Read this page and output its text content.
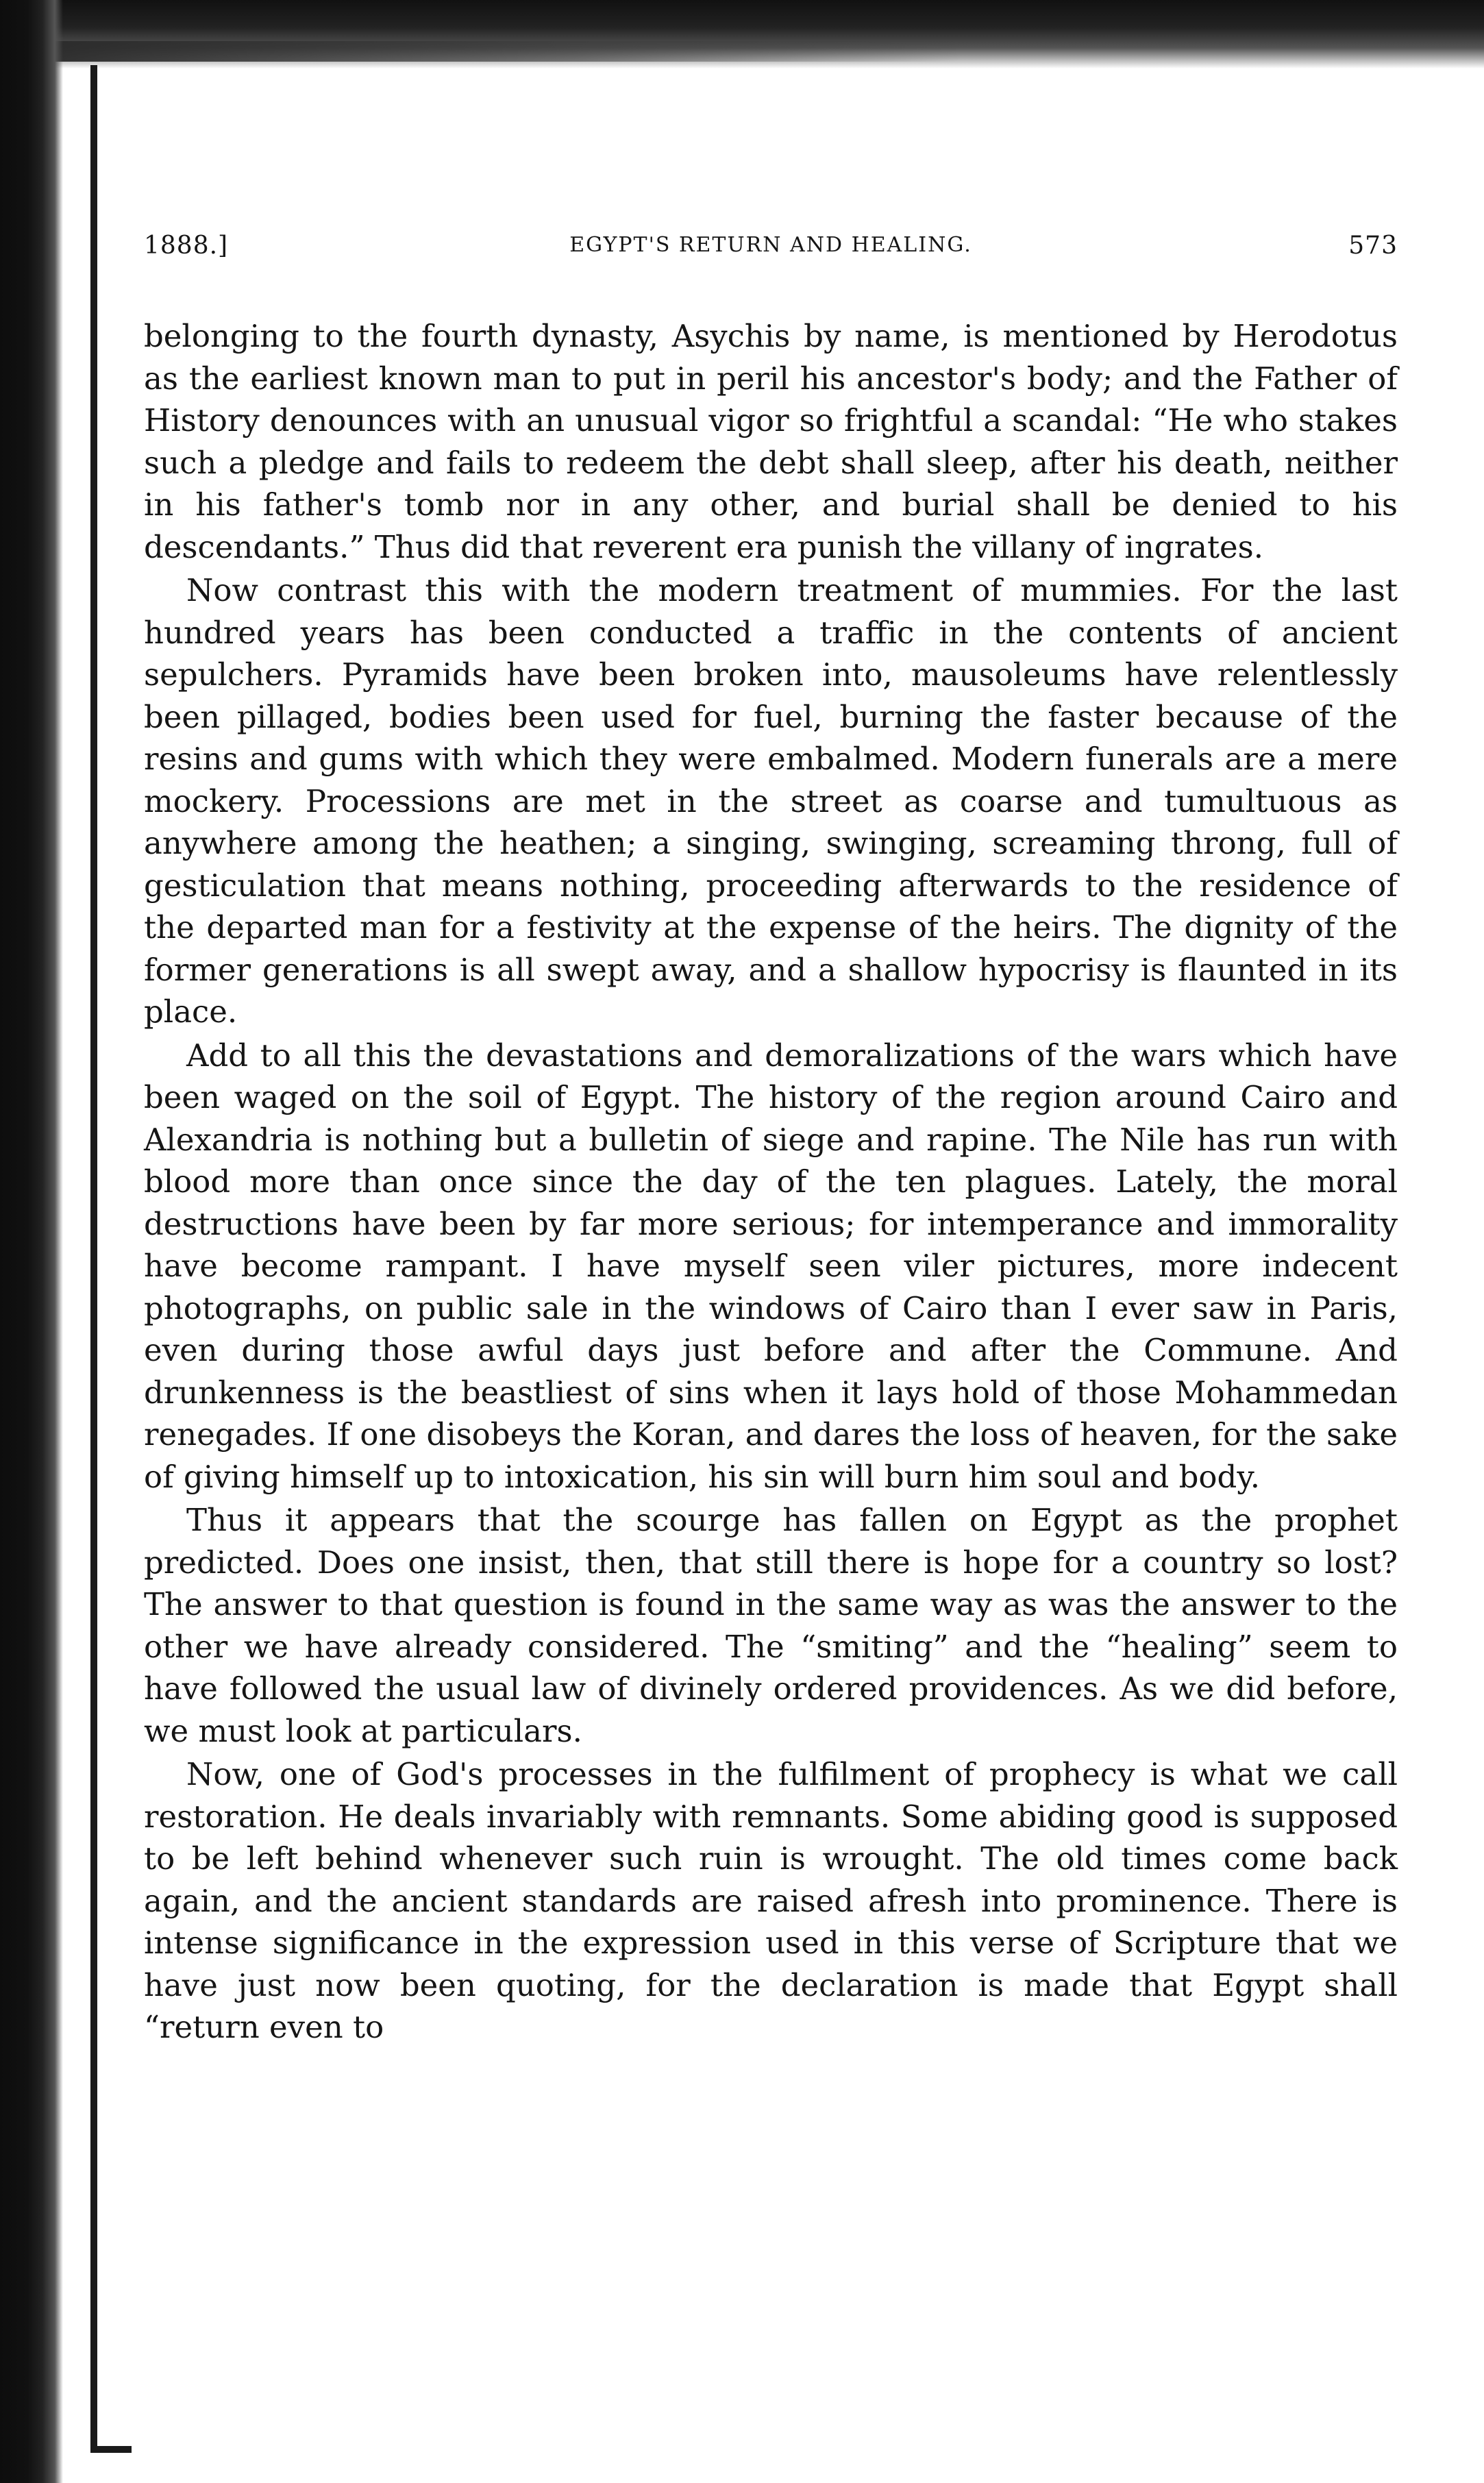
1888.]	EGYPT'S RETURN AND HEALING.	573

belonging to the fourth dynasty, Asychis by name, is mentioned by Herodotus as the earliest known man to put in peril his ancestor's body; and the Father of History denounces with an unusual vigor so frightful a scandal: “He who stakes such a pledge and fails to redeem the debt shall sleep, after his death, neither in his father's tomb nor in any other, and burial shall be denied to his descendants.” Thus did that reverent era punish the villany of ingrates.

Now contrast this with the modern treatment of mummies. For the last hundred years has been conducted a traffic in the contents of ancient sepulchers. Pyramids have been broken into, mausoleums have relentlessly been pillaged, bodies been used for fuel, burning the faster because of the resins and gums with which they were embalmed. Modern funerals are a mere mockery. Processions are met in the street as coarse and tumultuous as anywhere among the heathen; a singing, swinging, screaming throng, full of gesticulation that means nothing, proceeding afterwards to the residence of the departed man for a festivity at the expense of the heirs. The dignity of the former generations is all swept away, and a shallow hypocrisy is flaunted in its place.

Add to all this the devastations and demoralizations of the wars which have been waged on the soil of Egypt. The history of the region around Cairo and Alexandria is nothing but a bulletin of siege and rapine. The Nile has run with blood more than once since the day of the ten plagues. Lately, the moral destructions have been by far more serious; for intemperance and immorality have become rampant. I have myself seen viler pictures, more indecent photographs, on public sale in the windows of Cairo than I ever saw in Paris, even during those awful days just before and after the Commune. And drunkenness is the beastliest of sins when it lays hold of those Mohammedan renegades. If one disobeys the Koran, and dares the loss of heaven, for the sake of giving himself up to intoxication, his sin will burn him soul and body.

Thus it appears that the scourge has fallen on Egypt as the prophet predicted. Does one insist, then, that still there is hope for a country so lost? The answer to that question is found in the same way as was the answer to the other we have already considered. The “smiting” and the “healing” seem to have followed the usual law of divinely ordered providences. As we did before, we must look at particulars.

Now, one of God's processes in the fulfilment of prophecy is what we call restoration. He deals invariably with remnants. Some abiding good is supposed to be left behind whenever such ruin is wrought. The old times come back again, and the ancient standards are raised afresh into prominence. There is intense significance in the expression used in this verse of Scripture that we have just now been quoting, for the declaration is made that Egypt shall “return even to
